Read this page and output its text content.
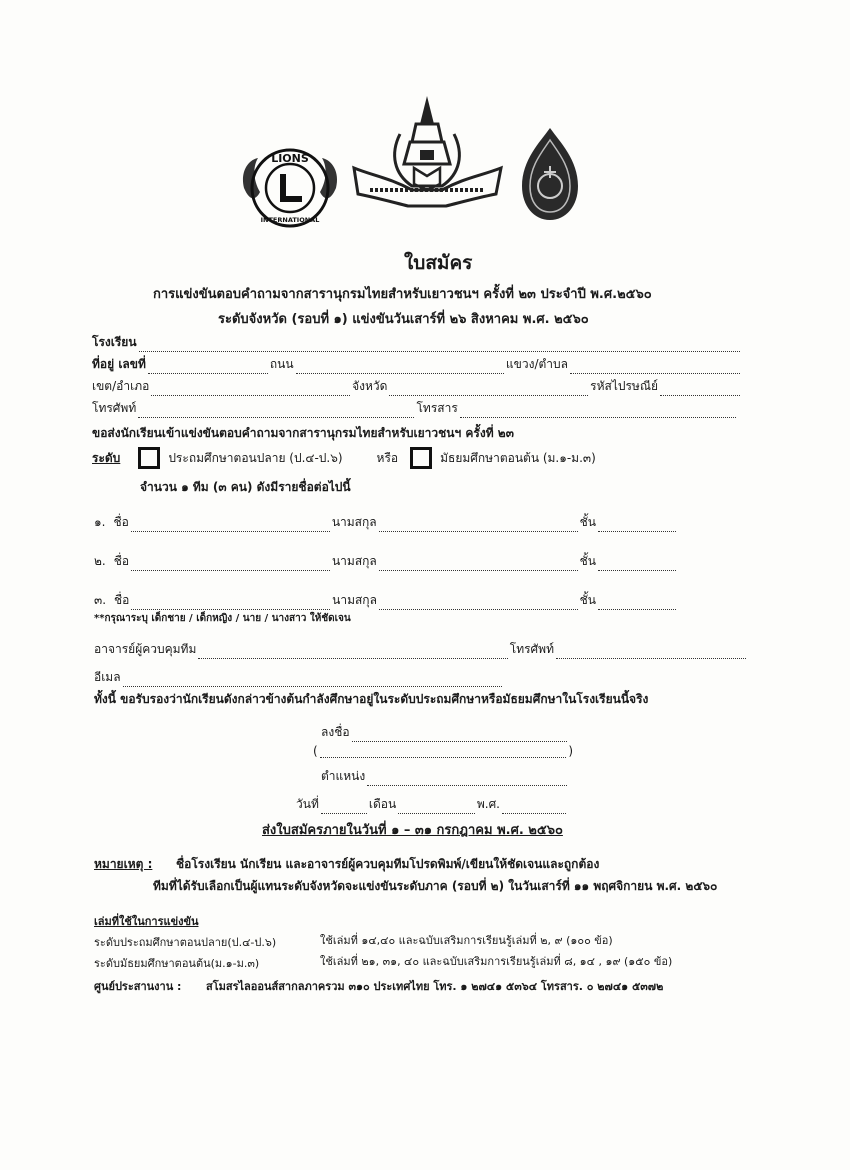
LIONS
INTERNATIONAL
ใบสมัคร
การแข่งขันตอบคำถามจากสารานุกรมไทยสำหรับเยาวชนฯ ครั้งที่ ๒๓ ประจำปี พ.ศ.๒๕๖๐
ระดับจังหวัด (รอบที่ ๑) แข่งขันวันเสาร์ที่ ๒๖ สิงหาคม พ.ศ. ๒๕๖๐
โรงเรียน
ที่อยู่ เลขที่	ถนน	แขวง/ตำบล
เขต/อำเภอ	จังหวัด	รหัสไปรษณีย์
โทรศัพท์	โทรสาร
ขอส่งนักเรียนเข้าแข่งขันตอบคำถามจากสารานุกรมไทยสำหรับเยาวชนฯ ครั้งที่ ๒๓
ระดับ	ประถมศึกษาตอนปลาย (ป.๔-ป.๖)	หรือ	มัธยมศึกษาตอนต้น (ม.๑-ม.๓)
จำนวน ๑ ทีม (๓ คน) ดังมีรายชื่อต่อไปนี้
๑. ชื่อ	นามสกุล	ชั้น
๒. ชื่อ	นามสกุล	ชั้น
๓. ชื่อ	นามสกุล	ชั้น
**กรุณาระบุ เด็กชาย / เด็กหญิง / นาย / นางสาว ให้ชัดเจน
อาจารย์ผู้ควบคุมทีม	โทรศัพท์
อีเมล
ทั้งนี้ ขอรับรองว่านักเรียนดังกล่าวข้างต้นกำลังศึกษาอยู่ในระดับประถมศึกษาหรือมัธยมศึกษาในโรงเรียนนี้จริง
ลงชื่อ
(	)
ตำแหน่ง
วันที่	เดือน	พ.ศ.
ส่งใบสมัครภายในวันที่ ๑ – ๓๑ กรกฎาคม พ.ศ. ๒๕๖๐
หมายเหตุ : ชื่อโรงเรียน นักเรียน และอาจารย์ผู้ควบคุมทีมโปรดพิมพ์/เขียนให้ชัดเจนและถูกต้อง
ทีมที่ได้รับเลือกเป็นผู้แทนระดับจังหวัดจะแข่งขันระดับภาค (รอบที่ ๒) ในวันเสาร์ที่ ๑๑ พฤศจิกายน พ.ศ. ๒๕๖๐
เล่มที่ใช้ในการแข่งขัน
ระดับประถมศึกษาตอนปลาย(ป.๔-ป.๖)	ใช้เล่มที่ ๑๔,๔๐ และฉบับเสริมการเรียนรู้เล่มที่ ๒, ๙ (๑๐๐ ข้อ)
ระดับมัธยมศึกษาตอนต้น(ม.๑-ม.๓)	ใช้เล่มที่ ๒๑, ๓๑, ๔๐ และฉบับเสริมการเรียนรู้เล่มที่ ๘, ๑๔ , ๑๙ (๑๕๐ ข้อ)
ศูนย์ประสานงาน : สโมสรไลออนส์สากลภาครวม ๓๑๐ ประเทศไทย โทร. ๑ ๒๗๔๑ ๕๓๖๔ โทรสาร. ๐ ๒๗๔๑ ๕๓๗๒
